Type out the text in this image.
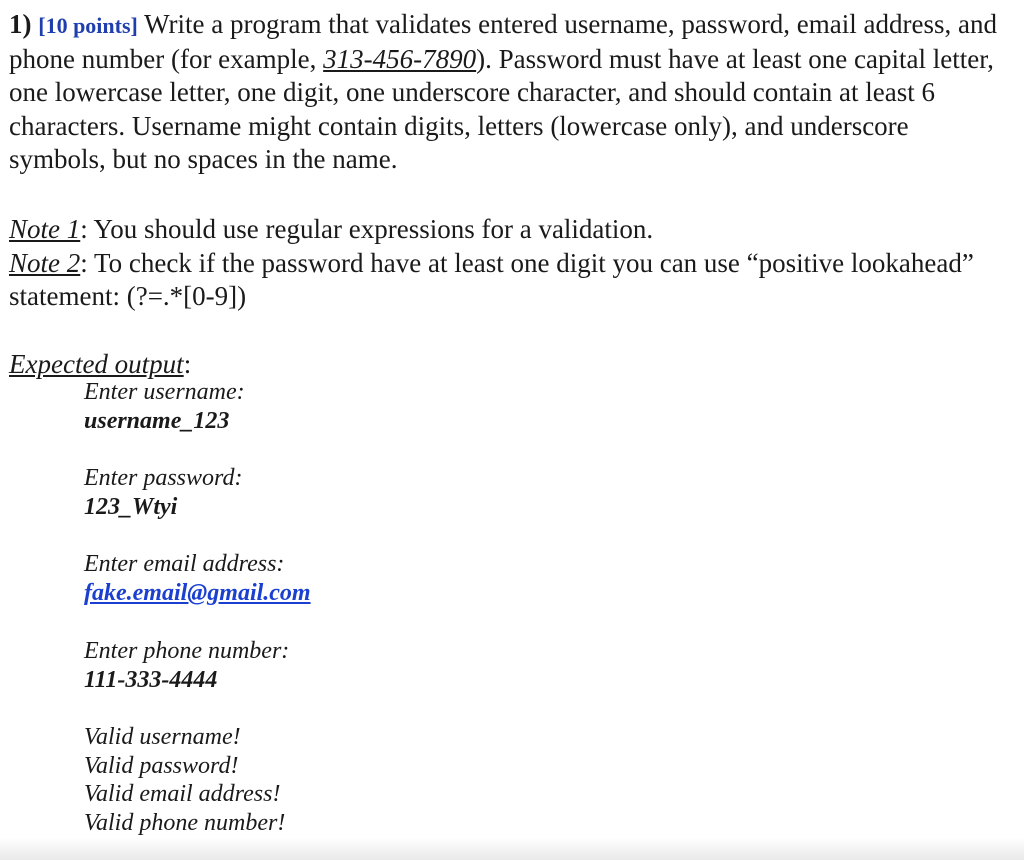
1) [10 points] Write a program that validates entered username, password, email address, and phone number (for example, 313-456-7890). Password must have at least one capital letter, one lowercase letter, one digit, one underscore character, and should contain at least 6 characters. Username might contain digits, letters (lowercase only), and underscore symbols, but no spaces in the name.

Note 1: You should use regular expressions for a validation.

Note 2: To check if the password have at least one digit you can use “positive lookahead” statement: (?=.*[0-9])

Expected output:

Enter username:
username_123
Enter password:
123_Wtyi
Enter email address:
fake.email@gmail.com
Enter phone number:
111-333-4444
Valid username!
Valid password!
Valid email address!
Valid phone number!
